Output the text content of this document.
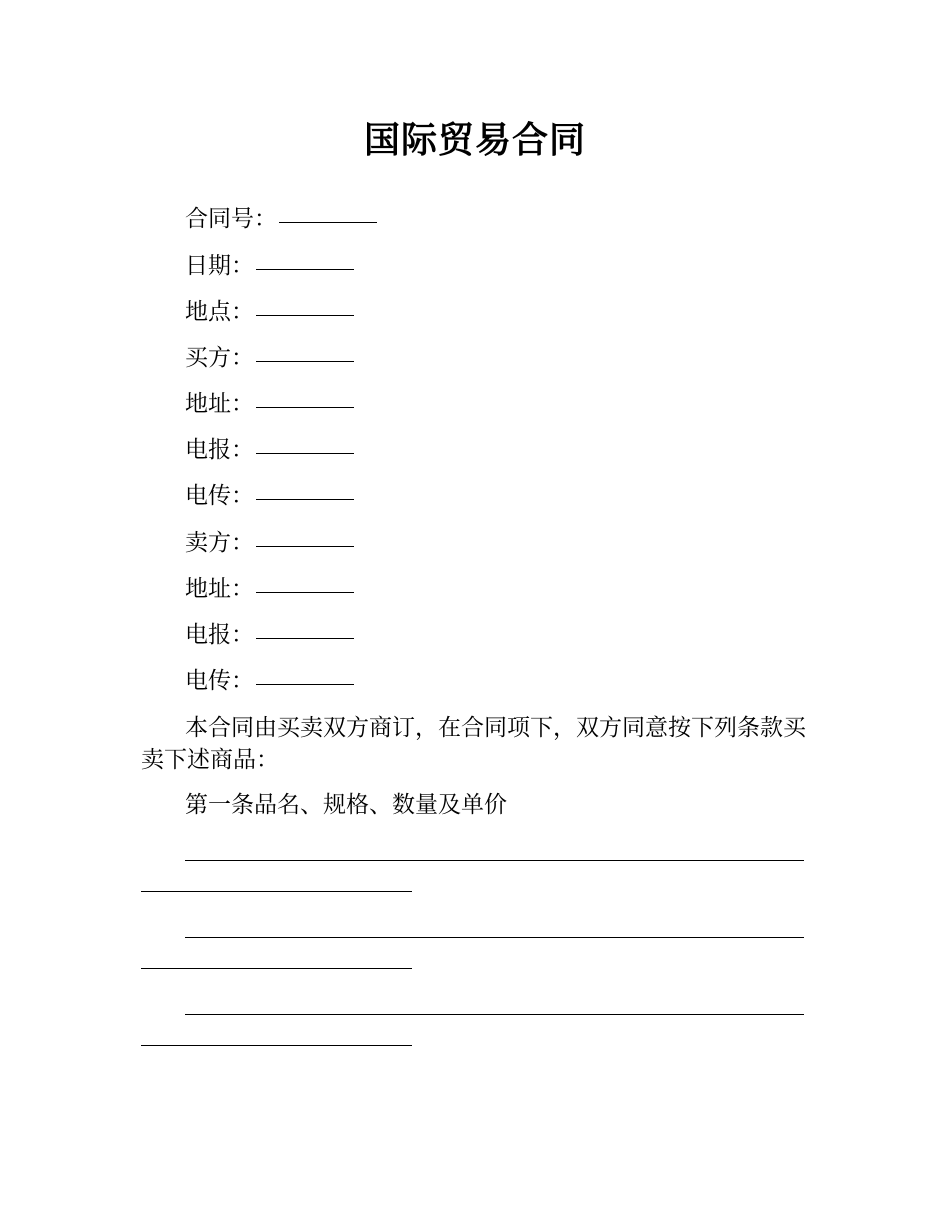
国际贸易合同
合同号：
日期：
地点：
买方：
地址：
电报：
电传：
卖方：
地址：
电报：
电传：
本合同由买卖双方商订，在合同项下，双方同意按下列条款买卖下述商品：
第一条品名、规格、数量及单价
